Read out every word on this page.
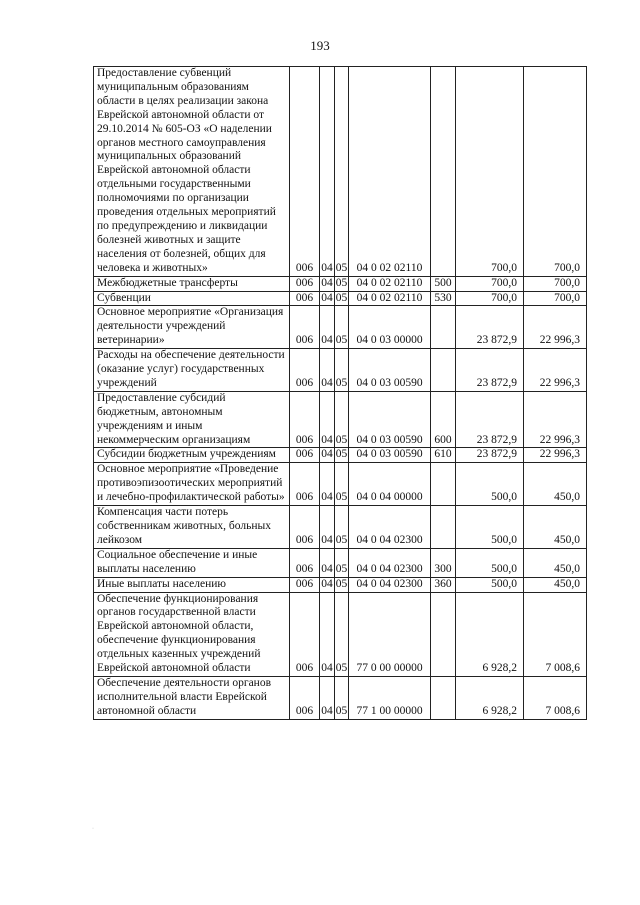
193
Предоставление субвенций муниципальным образованиям области в целях реализации закона Еврейской автономной области от 29.10.2014 № 605-ОЗ «О наделении органов местного самоуправления муниципальных образований Еврейской автономной области отдельными государственными полномочиями по организации проведения отдельных мероприятий по предупреждению и ликвидации болезней животных и защите населения от болезней, общих для человека и животных»	006	04	05	04 0 02 02110		700,0	700,0
Межбюджетные трансферты	006	04	05	04 0 02 02110	500	700,0	700,0
Субвенции	006	04	05	04 0 02 02110	530	700,0	700,0
Основное мероприятие «Организация деятельности учреждений ветеринарии»	006	04	05	04 0 03 00000		23 872,9	22 996,3
Расходы на обеспечение деятельности (оказание услуг) государственных учреждений	006	04	05	04 0 03 00590		23 872,9	22 996,3
Предоставление субсидий бюджетным, автономным учреждениям и иным некоммерческим организациям	006	04	05	04 0 03 00590	600	23 872,9	22 996,3
Субсидии бюджетным учреждениям	006	04	05	04 0 03 00590	610	23 872,9	22 996,3
Основное мероприятие «Проведение противоэпизоотических мероприятий и лечебно-профилактической работы»	006	04	05	04 0 04 00000		500,0	450,0
Компенсация части потерь собственникам животных, больных лейкозом	006	04	05	04 0 04 02300		500,0	450,0
Социальное обеспечение и иные выплаты населению	006	04	05	04 0 04 02300	300	500,0	450,0
Иные выплаты населению	006	04	05	04 0 04 02300	360	500,0	450,0
Обеспечение функционирования органов государственной власти Еврейской автономной области, обеспечение функционирования отдельных казенных учреждений Еврейской автономной области	006	04	05	77 0 00 00000		6 928,2	7 008,6
Обеспечение деятельности органов исполнительной власти Еврейской автономной области	006	04	05	77 1 00 00000		6 928,2	7 008,6
·
